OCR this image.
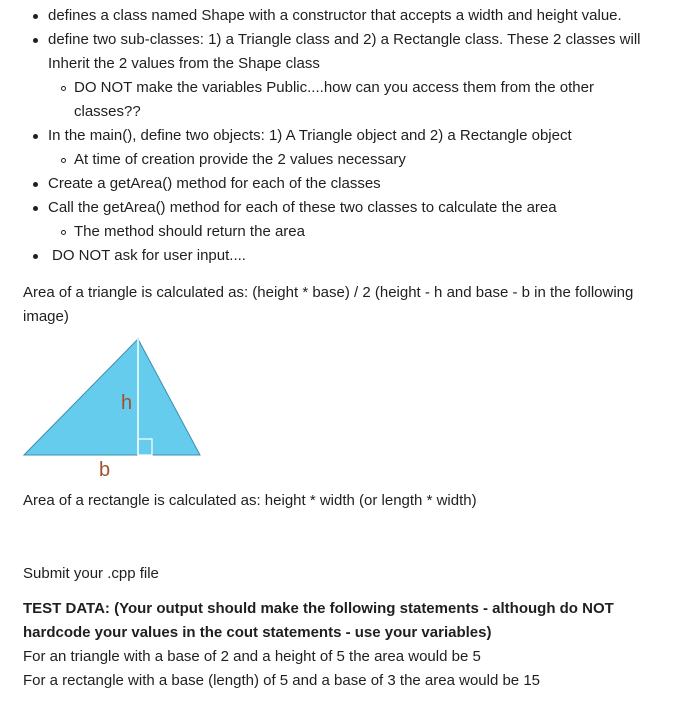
defines a class named Shape with a constructor that accepts a width and height value.
define two sub-classes: 1) a Triangle class and 2) a Rectangle class. These 2 classes will
Inherit the 2 values from the Shape class
DO NOT make the variables Public....how can you access them from the other
classes??
In the main(), define two objects: 1) A Triangle object and 2) a Rectangle object
At time of creation provide the 2 values necessary
Create a getArea() method for each of the classes
Call the getArea() method for each of these two classes to calculate the area
The method should return the area
DO NOT ask for user input....
Area of a triangle is calculated as: (height * base) / 2 (height - h and base - b in the following
image)
h
b
Area of a rectangle is calculated as: height * width (or length * width)
Submit your .cpp file
TEST DATA: (Your output should make the following statements - although do NOT
hardcode your values in the cout statements - use your variables)
For an triangle with a base of 2 and a height of 5 the area would be 5
For a rectangle with a base (length) of 5 and a base of 3 the area would be 15
